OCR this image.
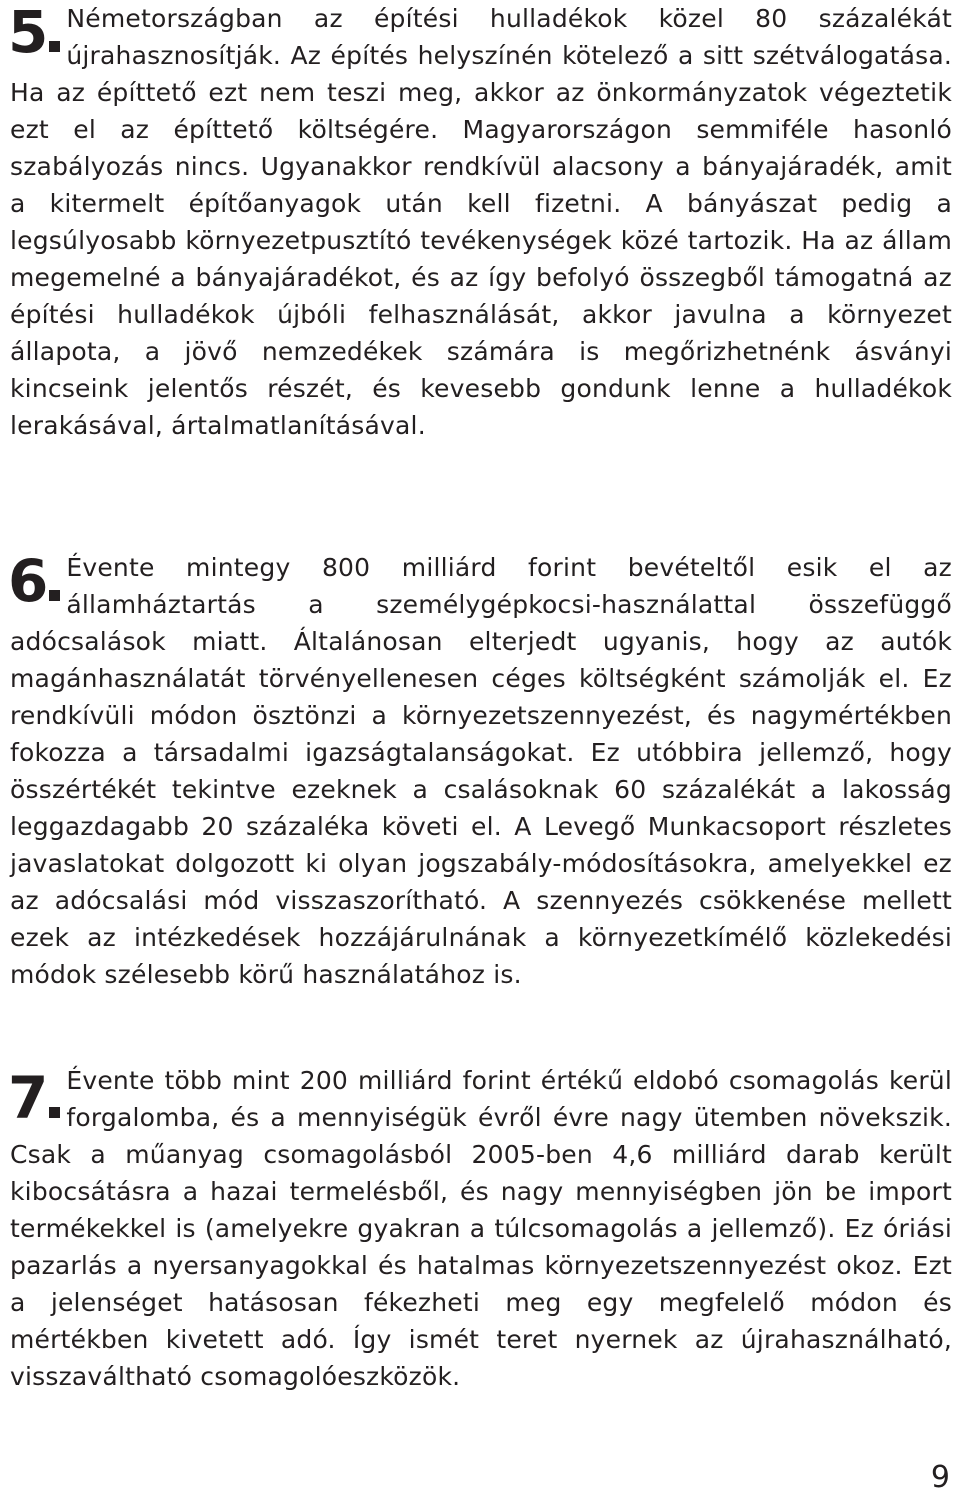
5 Németországban az építési hulladékok közel 80 százalékát újrahasznosítják. Az építés helyszínén kötelező a sitt szétválogatása. Ha az építtető ezt nem teszi meg, akkor az önkormányzatok végeztetik ezt el az építtető költségére. Magyarországon semmiféle hasonló szabályozás nincs. Ugyanakkor rendkívül alacsony a bányajáradék, amit a kitermelt építőanyagok után kell fizetni. A bányászat pedig a legsúlyosabb környezetpusztító tevékenységek közé tartozik. Ha az állam megemelné a bányajáradékot, és az így befolyó összegből támogatná az építési hulladékok újbóli felhasználását, akkor javulna a környezet állapota, a jövő nemzedékek számára is megőrizhetnénk ásványi kincseink jelentős részét, és kevesebb gondunk lenne a hulladékok lerakásával, ártalmatlanításával.

6 Évente mintegy 800 milliárd forint bevételtől esik el az államháztartás a személygépkocsi-használattal összefüggő adócsalások miatt. Általánosan elterjedt ugyanis, hogy az autók magánhasználatát törvényellenesen céges költségként számolják el. Ez rendkívüli módon ösztönzi a környezetszennyezést, és nagymértékben fokozza a társadalmi igazságtalanságokat. Ez utóbbira jellemző, hogy összértékét tekintve ezeknek a csalásoknak 60 százalékát a lakosság leggazdagabb 20 százaléka követi el. A Levegő Munkacsoport részletes javaslatokat dolgozott ki olyan jogszabály-módosításokra, amelyekkel ez az adócsalási mód visszaszorítható. A szennyezés csökkenése mellett ezek az intézkedések hozzájárulnának a környezetkímélő közlekedési módok szélesebb körű használatához is.

7 Évente több mint 200 milliárd forint értékű eldobó csomagolás kerül forgalomba, és a mennyiségük évről évre nagy ütemben növekszik. Csak a műanyag csomagolásból 2005-ben 4,6 milliárd darab került kibocsátásra a hazai termelésből, és nagy mennyiségben jön be import termékekkel is (amelyekre gyakran a túlcsomagolás a jellemző). Ez óriási pazarlás a nyersanyagokkal és hatalmas környezetszennyezést okoz. Ezt a jelenséget hatásosan fékezheti meg egy megfelelő módon és mértékben kivetett adó. Így ismét teret nyernek az újrahasználható, visszaváltható csomagolóeszközök.

9
